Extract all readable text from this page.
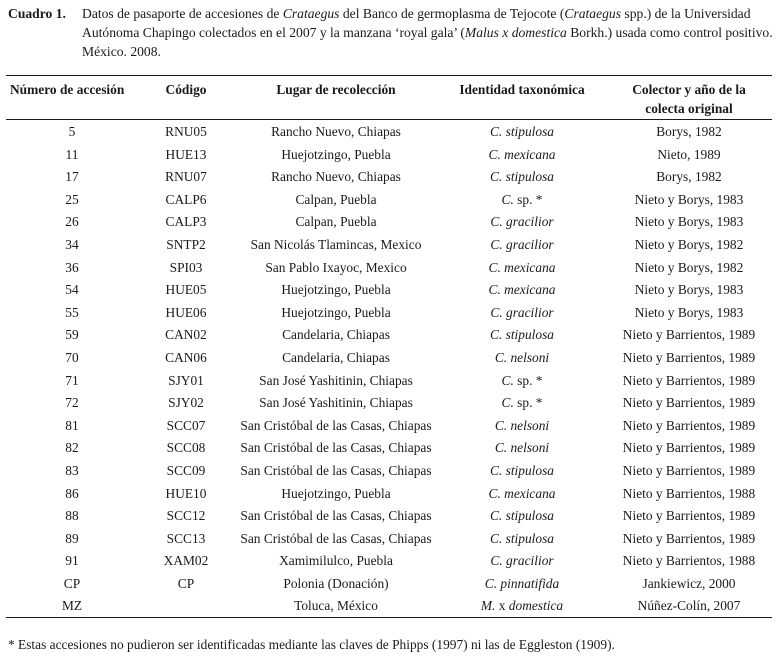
Cuadro 1. Datos de pasaporte de accesiones de Crataegus del Banco de germoplasma de Tejocote (Crataegus spp.) de la Universidad Autónoma Chapingo colectados en el 2007 y la manzana ‘royal gala’ (Malus x domestica Borkh.) usada como control positivo. México. 2008.
Número de accesión	Código	Lugar de recolección	Identidad taxonómica	Colector y año de la
colecta original
5	RNU05	Rancho Nuevo, Chiapas	C. stipulosa	Borys, 1982
11	HUE13	Huejotzingo, Puebla	C. mexicana	Nieto, 1989
17	RNU07	Rancho Nuevo, Chiapas	C. stipulosa	Borys, 1982
25	CALP6	Calpan, Puebla	C. sp. *	Nieto y Borys, 1983
26	CALP3	Calpan, Puebla	C. gracilior	Nieto y Borys, 1983
34	SNTP2	San Nicolás Tlamincas, Mexico	C. gracilior	Nieto y Borys, 1982
36	SPI03	San Pablo Ixayoc, Mexico	C. mexicana	Nieto y Borys, 1982
54	HUE05	Huejotzingo, Puebla	C. mexicana	Nieto y Borys, 1983
55	HUE06	Huejotzingo, Puebla	C. gracilior	Nieto y Borys, 1983
59	CAN02	Candelaria, Chiapas	C. stipulosa	Nieto y Barrientos, 1989
70	CAN06	Candelaria, Chiapas	C. nelsoni	Nieto y Barrientos, 1989
71	SJY01	San José Yashitinin, Chiapas	C. sp. *	Nieto y Barrientos, 1989
72	SJY02	San José Yashitinin, Chiapas	C. sp. *	Nieto y Barrientos, 1989
81	SCC07	San Cristóbal de las Casas, Chiapas	C. nelsoni	Nieto y Barrientos, 1989
82	SCC08	San Cristóbal de las Casas, Chiapas	C. nelsoni	Nieto y Barrientos, 1989
83	SCC09	San Cristóbal de las Casas, Chiapas	C. stipulosa	Nieto y Barrientos, 1989
86	HUE10	Huejotzingo, Puebla	C. mexicana	Nieto y Barrientos, 1988
88	SCC12	San Cristóbal de las Casas, Chiapas	C. stipulosa	Nieto y Barrientos, 1989
89	SCC13	San Cristóbal de las Casas, Chiapas	C. stipulosa	Nieto y Barrientos, 1989
91	XAM02	Xamimilulco, Puebla	C. gracilior	Nieto y Barrientos, 1988
CP	CP	Polonia (Donación)	C. pinnatifida	Jankiewicz, 2000
MZ		Toluca, México	M. x domestica	Núñez-Colín, 2007
* Estas accesiones no pudieron ser identificadas mediante las claves de Phipps (1997) ni las de Eggleston (1909).
